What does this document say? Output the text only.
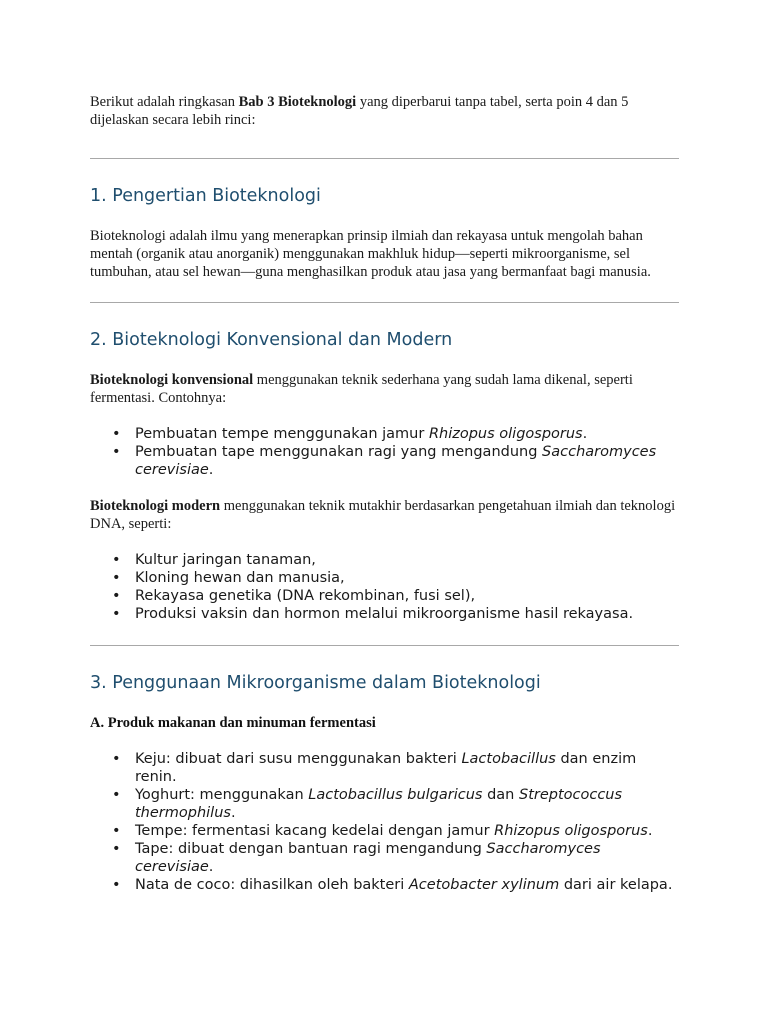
Berikut adalah ringkasan Bab 3 Bioteknologi yang diperbarui tanpa tabel, serta poin 4 dan 5 dijelaskan secara lebih rinci:

1. Pengertian Bioteknologi

Bioteknologi adalah ilmu yang menerapkan prinsip ilmiah dan rekayasa untuk mengolah bahan mentah (organik atau anorganik) menggunakan makhluk hidup—seperti mikroorganisme, sel tumbuhan, atau sel hewan—guna menghasilkan produk atau jasa yang bermanfaat bagi manusia.

2. Bioteknologi Konvensional dan Modern

Bioteknologi konvensional menggunakan teknik sederhana yang sudah lama dikenal, seperti fermentasi. Contohnya:

• Pembuatan tempe menggunakan jamur Rhizopus oligosporus.
• Pembuatan tape menggunakan ragi yang mengandung Saccharomyces cerevisiae.

Bioteknologi modern menggunakan teknik mutakhir berdasarkan pengetahuan ilmiah dan teknologi DNA, seperti:

• Kultur jaringan tanaman,
• Kloning hewan dan manusia,
• Rekayasa genetika (DNA rekombinan, fusi sel),
• Produksi vaksin dan hormon melalui mikroorganisme hasil rekayasa.
3. Penggunaan Mikroorganisme dalam Bioteknologi

A. Produk makanan dan minuman fermentasi

• Keju: dibuat dari susu menggunakan bakteri Lactobacillus dan enzim renin.
• Yoghurt: menggunakan Lactobacillus bulgaricus dan Streptococcus thermophilus.
• Tempe: fermentasi kacang kedelai dengan jamur Rhizopus oligosporus.
• Tape: dibuat dengan bantuan ragi mengandung Saccharomyces cerevisiae.
• Nata de coco: dihasilkan oleh bakteri Acetobacter xylinum dari air kelapa.
